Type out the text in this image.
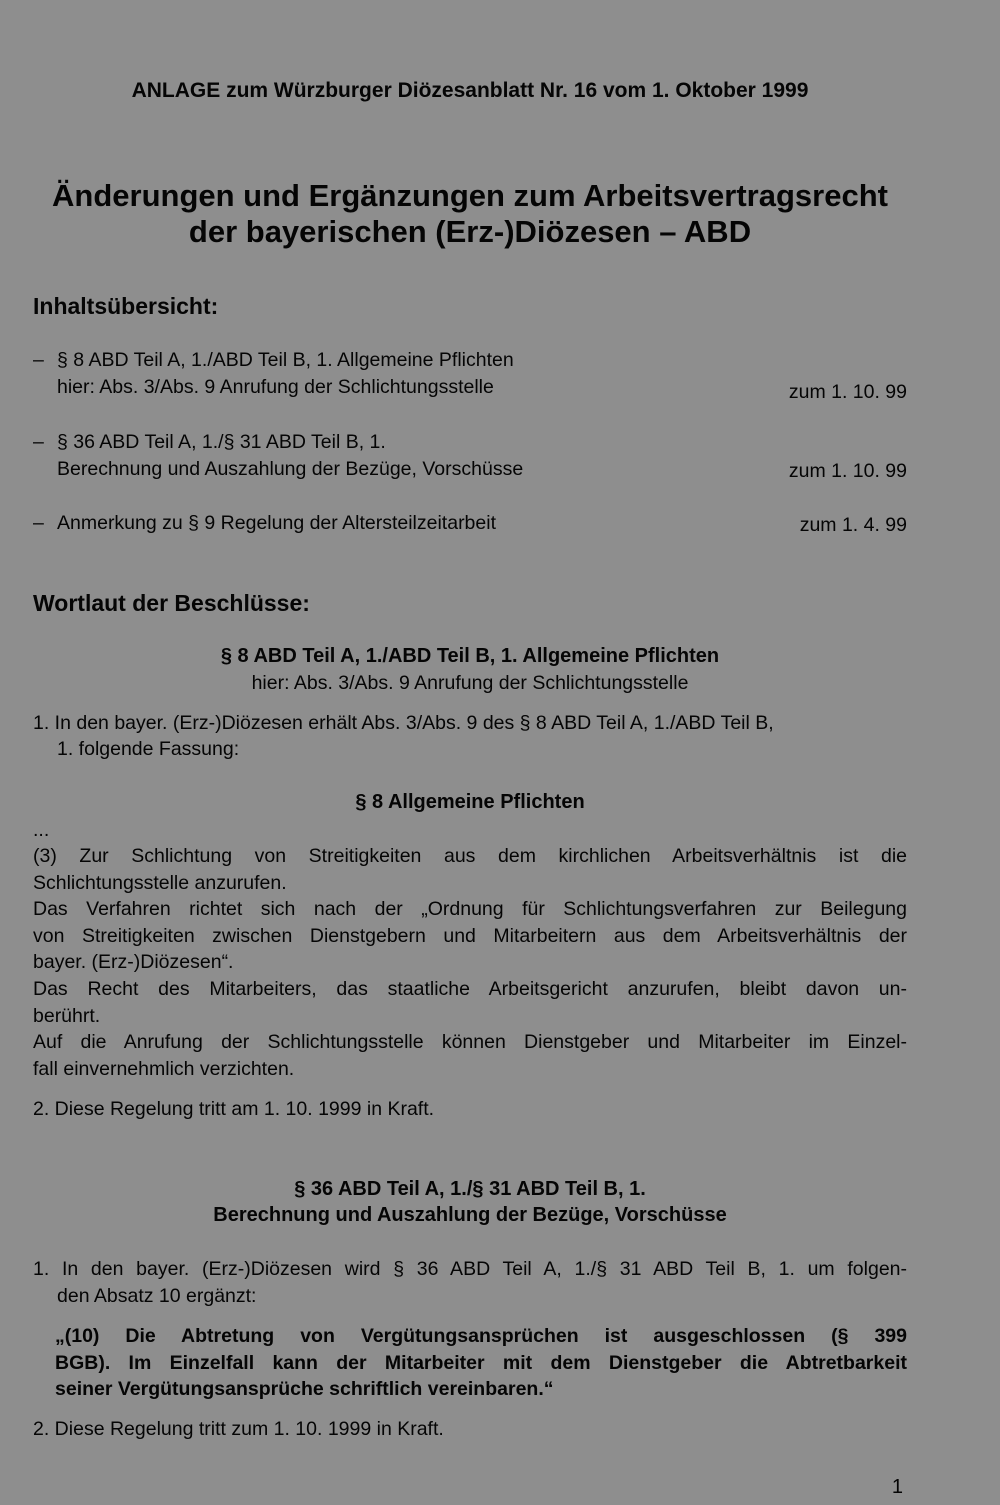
ANLAGE zum Würzburger Diözesanblatt Nr. 16 vom 1. Oktober 1999
Änderungen und Ergänzungen zum Arbeitsvertragsrecht
der bayerischen (Erz-)Diözesen – ABD
Inhaltsübersicht:
– § 8 ABD Teil A, 1./ABD Teil B, 1. Allgemeine Pflichten
hier: Abs. 3/Abs. 9 Anrufung der Schlichtungsstelle	zum 1. 10. 99
– § 36 ABD Teil A, 1./§ 31 ABD Teil B, 1.
Berechnung und Auszahlung der Bezüge, Vorschüsse	zum 1. 10. 99
– Anmerkung zu § 9 Regelung der Altersteilzeitarbeit	zum 1. 4. 99
Wortlaut der Beschlüsse:
§ 8 ABD Teil A, 1./ABD Teil B, 1. Allgemeine Pflichten
hier: Abs. 3/Abs. 9 Anrufung der Schlichtungsstelle
1. In den bayer. (Erz-)Diözesen erhält Abs. 3/Abs. 9 des § 8 ABD Teil A, 1./ABD Teil B,
1. folgende Fassung:
§ 8 Allgemeine Pflichten
...
(3) Zur Schlichtung von Streitigkeiten aus dem kirchlichen Arbeitsverhältnis ist die
Schlichtungsstelle anzurufen.
Das Verfahren richtet sich nach der „Ordnung für Schlichtungsverfahren zur Beilegung
von Streitigkeiten zwischen Dienstgebern und Mitarbeitern aus dem Arbeitsverhältnis der
bayer. (Erz-)Diözesen“.
Das Recht des Mitarbeiters, das staatliche Arbeitsgericht anzurufen, bleibt davon un-
berührt.
Auf die Anrufung der Schlichtungsstelle können Dienstgeber und Mitarbeiter im Einzel-
fall einvernehmlich verzichten.
2. Diese Regelung tritt am 1. 10. 1999 in Kraft.
§ 36 ABD Teil A, 1./§ 31 ABD Teil B, 1.
Berechnung und Auszahlung der Bezüge, Vorschüsse
1. In den bayer. (Erz-)Diözesen wird § 36 ABD Teil A, 1./§ 31 ABD Teil B, 1. um folgen-
den Absatz 10 ergänzt:
„(10) Die Abtretung von Vergütungsansprüchen ist ausgeschlossen (§ 399
BGB). Im Einzelfall kann der Mitarbeiter mit dem Dienstgeber die Abtretbarkeit
seiner Vergütungsansprüche schriftlich vereinbaren.“
2. Diese Regelung tritt zum 1. 10. 1999 in Kraft.
1
